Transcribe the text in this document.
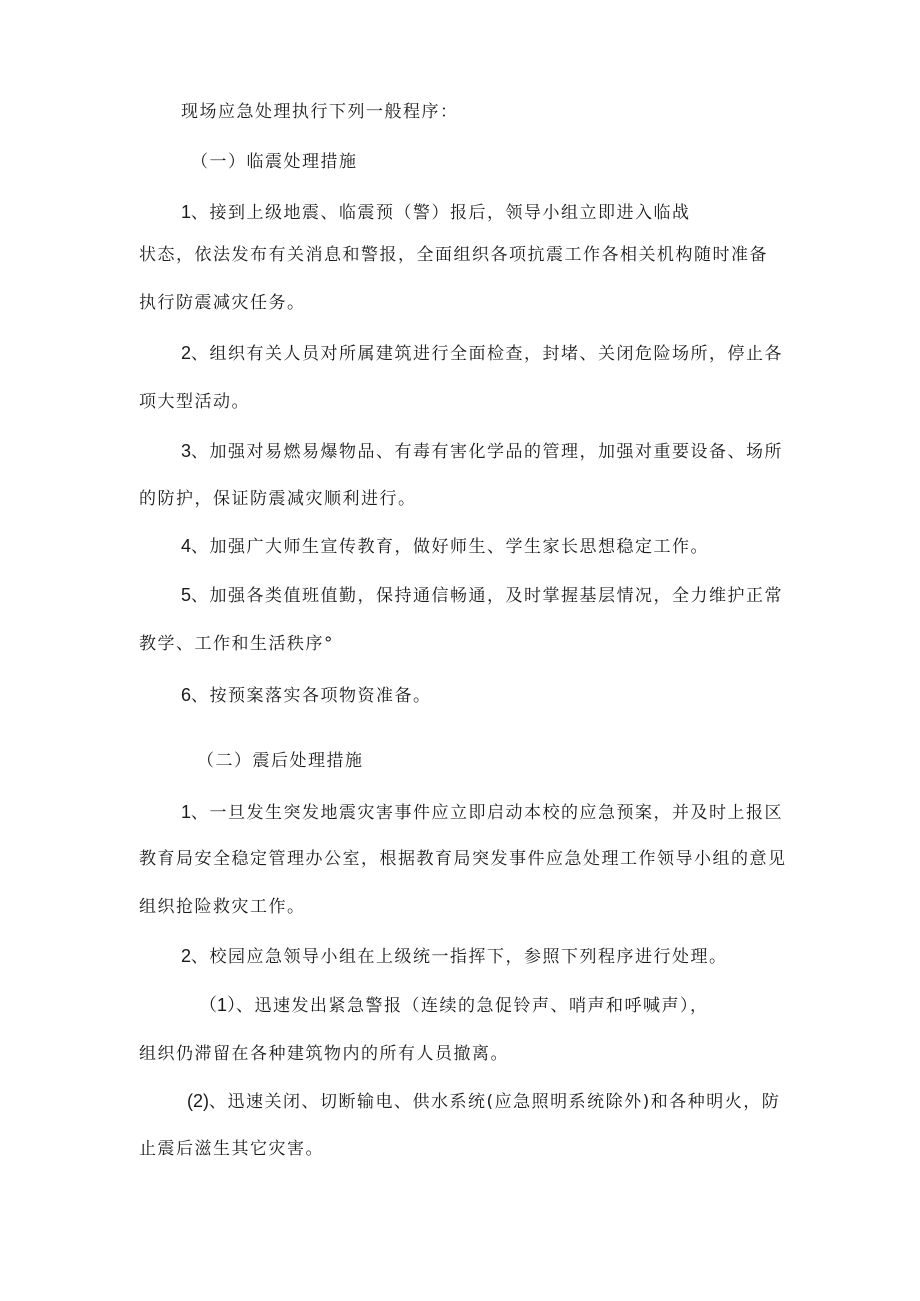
现场应急处理执行下列一般程序：
（一）临震处理措施
1、接到上级地震、临震预（警）报后，领导小组立即进入临战
状态，依法发布有关消息和警报，全面组织各项抗震工作各相关机构随时准备
执行防震减灾任务。
2、组织有关人员对所属建筑进行全面检查，封堵、关闭危险场所，停止各
项大型活动。
3、加强对易燃易爆物品、有毒有害化学品的管理，加强对重要设备、场所
的防护，保证防震减灾顺利进行。
4、加强广大师生宣传教育，做好师生、学生家长思想稳定工作。
5、加强各类值班值勤，保持通信畅通，及时掌握基层情况，全力维护正常
教学、工作和生活秩序°
6、按预案落实各项物资准备。
（二）震后处理措施
1、一旦发生突发地震灾害事件应立即启动本校的应急预案，并及时上报区
教育局安全稳定管理办公室，根据教育局突发事件应急处理工作领导小组的意见
组织抢险救灾工作。
2、校园应急领导小组在上级统一指挥下，参照下列程序进行处理。
（1）、迅速发出紧急警报（连续的急促铃声、哨声和呼喊声），
组织仍滞留在各种建筑物内的所有人员撤离。
(2)、迅速关闭、切断输电、供水系统(应急照明系统除外)和各种明火，防
止震后滋生其它灾害。
